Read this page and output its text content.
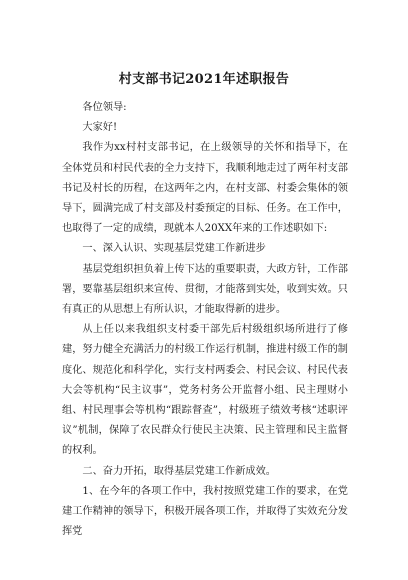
村支部书记2021年述职报告

各位领导:

大家好!

我作为xx村村支部书记，在上级领导的关怀和指导下，在全体党员和村民代表的全力支持下，我顺利地走过了两年村支部书记及村长的历程，在这两年之内，在村支部、村委会集体的领导下，圆满完成了村支部及村委预定的目标、任务。在工作中，也取得了一定的成绩，现就本人20XX年来的工作述职如下:

一、深入认识、实现基层党建工作新进步

基层党组织担负着上传下达的重要职责，大政方针，工作部署，要靠基层组织来宣传、贯彻，才能落到实处，收到实效。只有真正的从思想上有所认识，才能取得新的进步。

从上任以来我组织支村委干部先后村级组织场所进行了修建，努力健全充满活力的村级工作运行机制，推进村级工作的制度化、规范化和科学化，实行支村两委会、村民会议、村民代表大会等机构“民主议事”，党务村务公开监督小组、民主理财小组、村民理事会等机构“跟踪督查”，村级班子绩效考核“述职评议”机制，保障了农民群众行使民主决策、民主管理和民主监督的权利。

二、奋力开拓，取得基层党建工作新成效。

1、在今年的各项工作中，我村按照党建工作的要求，在党建工作精神的领导下，积极开展各项工作，并取得了实效充分发挥党
